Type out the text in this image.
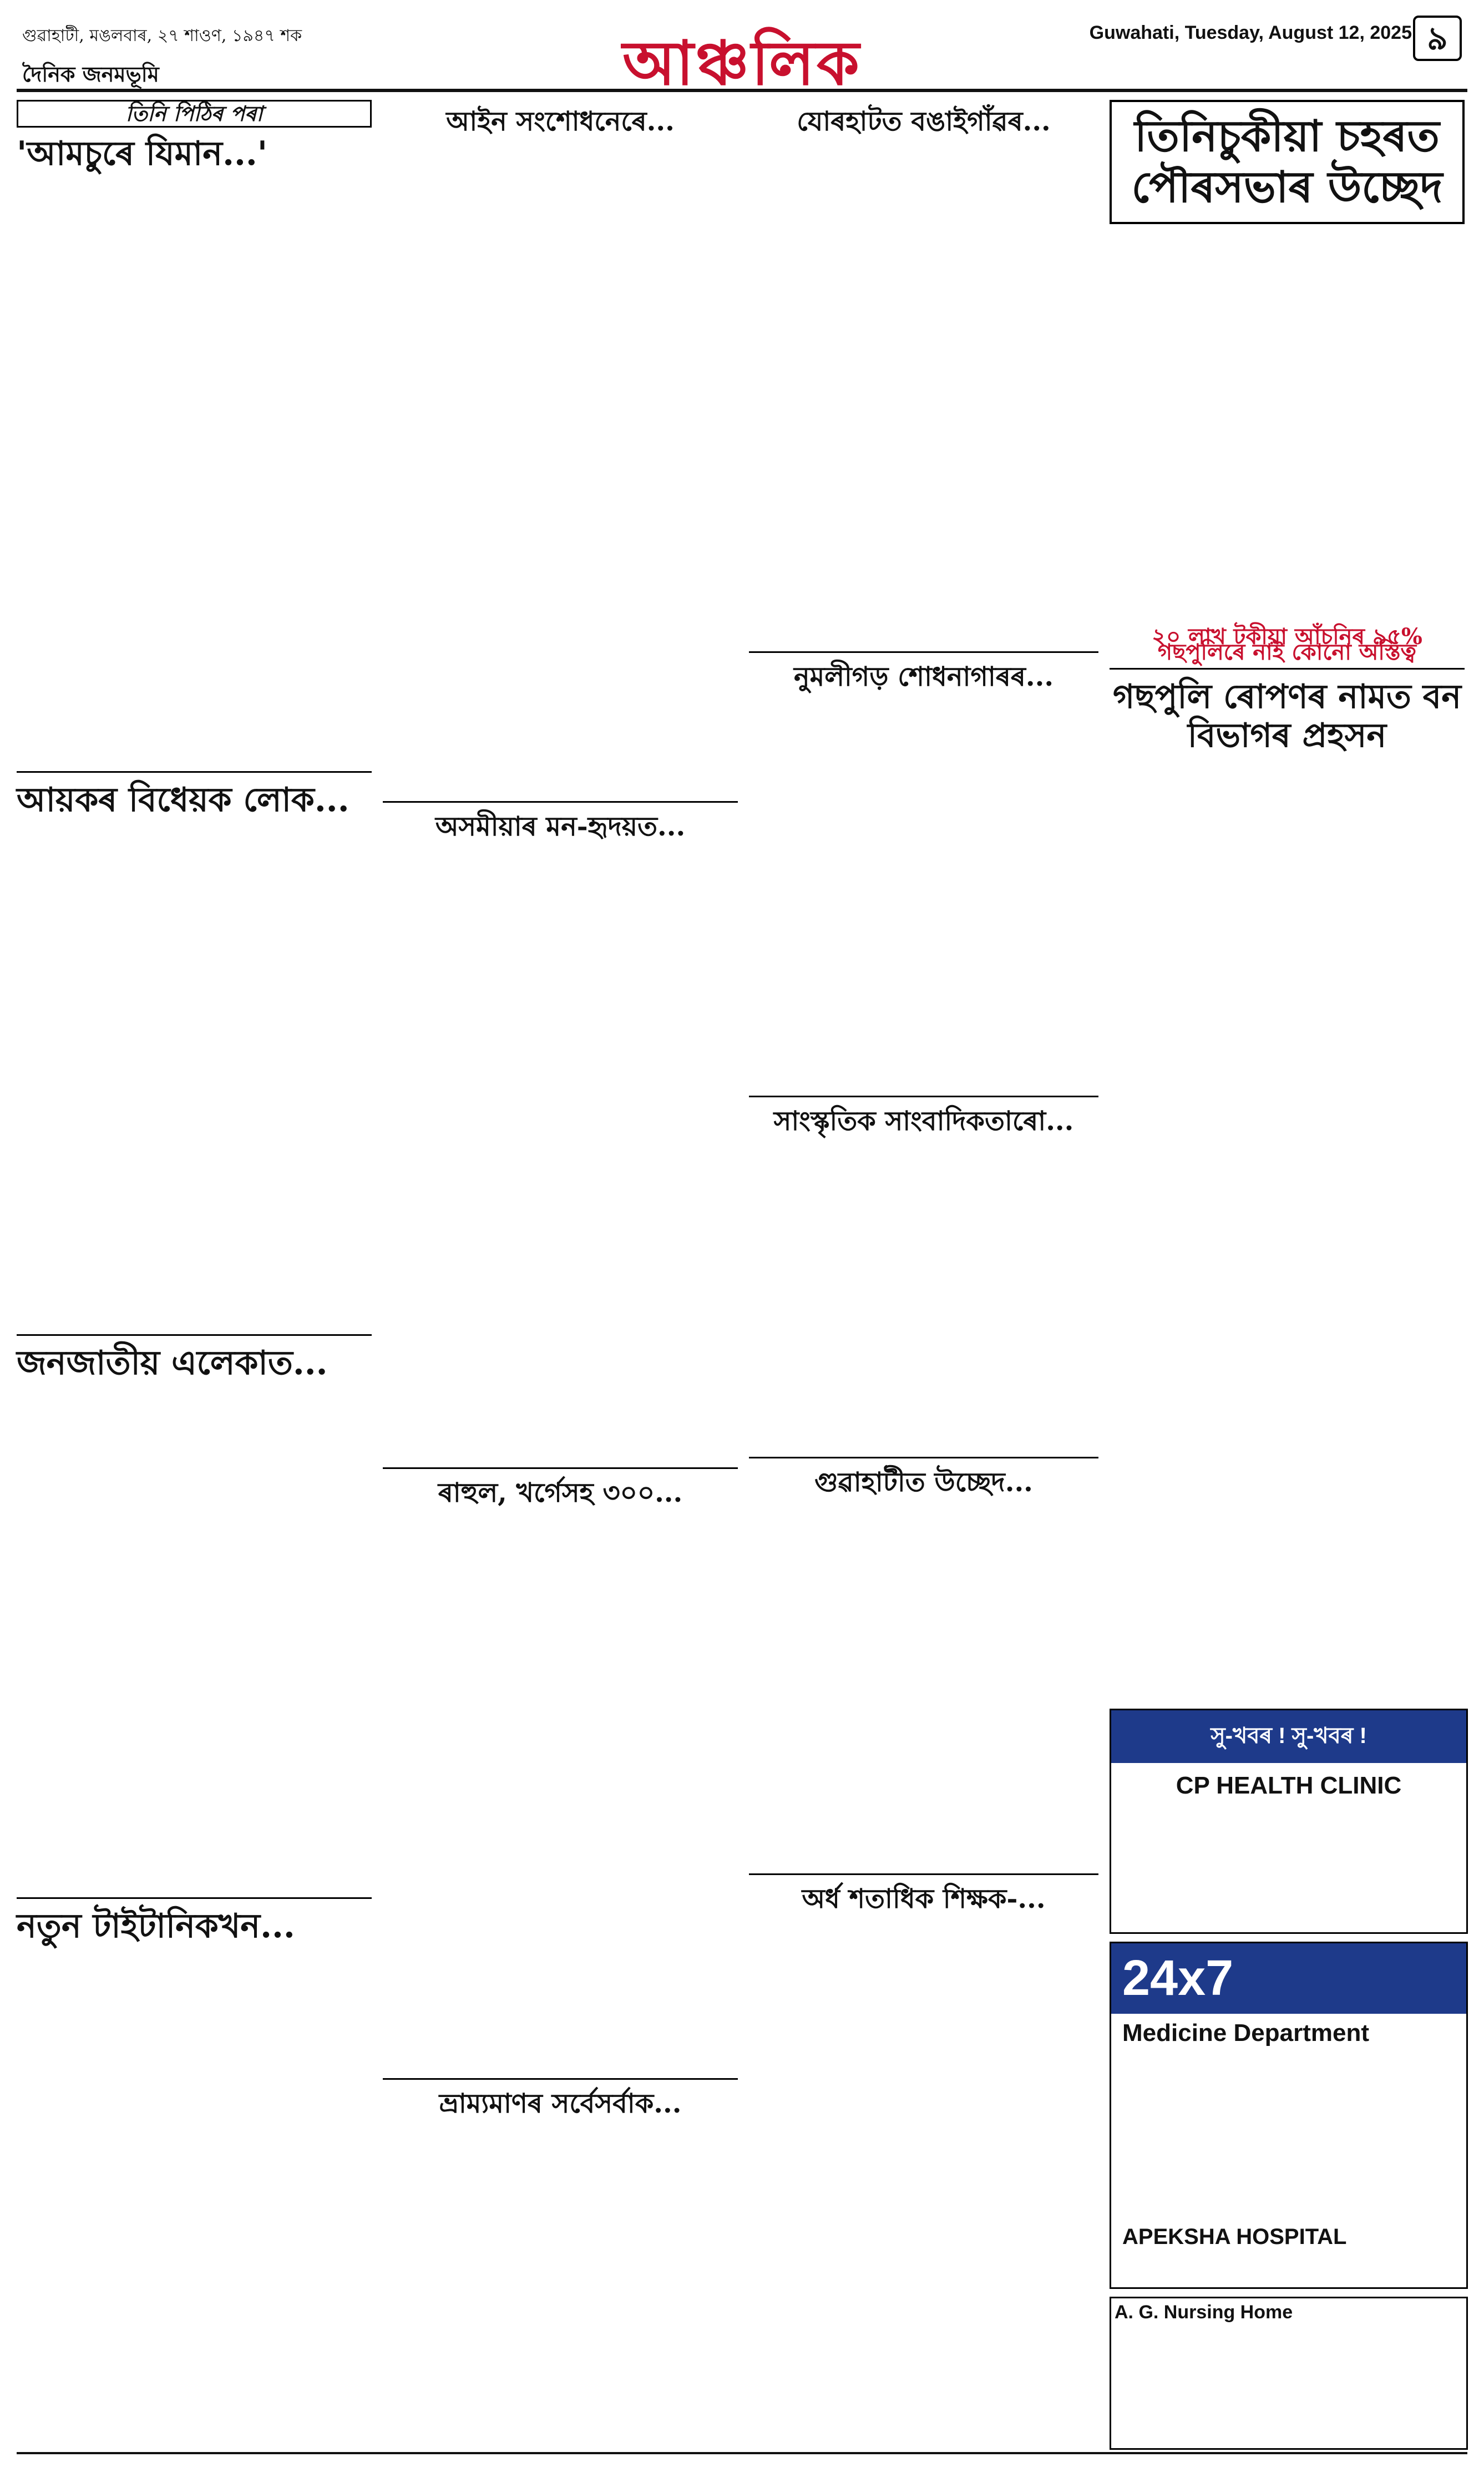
গুৱাহাটী, মঙলবাৰ, ২৭ শাওণ, ১৯৪৭ শক
দৈনিক জনমভূমি	আঞ্চলিক	Guwahati, Tuesday, August 12, 2025 ৯
তিনি পিঠিৰ পৰা
'আমচুৰে যিমান...'
আয়কৰ বিধেয়ক লোক...
জনজাতীয় এলেকাত...
নতুন টাইটানিকখন...
আইন সংশোধনেৰে...
অসমীয়াৰ মন-হৃদয়ত...
ৰাহুল, খৰ্গেসহ ৩০০...
ভ্ৰাম্যমাণৰ সৰ্বেসৰ্বাক...
যোৰহাটত বঙাইগাঁৱৰ...
নুমলীগড় শোধনাগাৰৰ...
সাংস্কৃতিক সাংবাদিকতাৰো...
গুৱাহাটীত উচ্ছেদ...
অৰ্ধ শতাধিক শিক্ষক-...
তিনিচুকীয়া চহৰত পৌৰসভাৰ উচ্ছেদ
২০ লাখ টকীয়া আঁচনিৰ ৯৫% গছপুলিৰে নাই কোনো অস্তিত্ব
গছপুলি ৰোপণৰ নামত বন বিভাগৰ প্ৰহসন
সু-খবৰ ! সু-খবৰ !
CP HEALTH CLINIC
24x7
Medicine Department
APEKSHA HOSPITAL
A. G. Nursing Home
